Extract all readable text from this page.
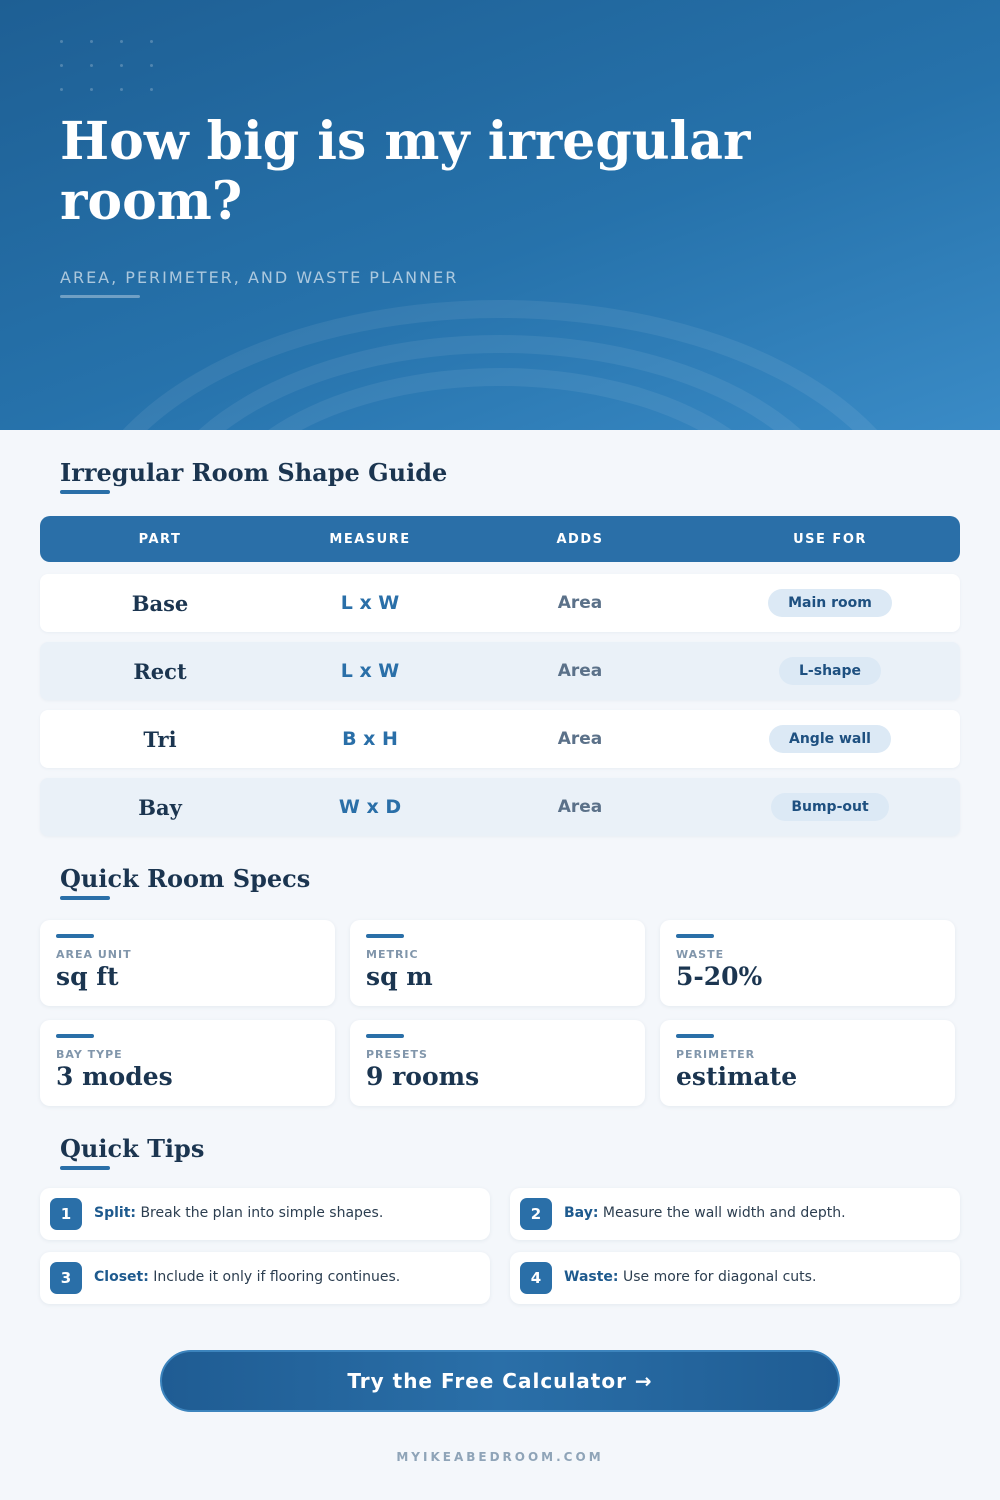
How big is my irregular room?
AREA, PERIMETER, AND WASTE PLANNER
Irregular Room Shape Guide
PART	MEASURE	ADDS	USE FOR
Base	L x W	Area	Main room
Rect	L x W	Area	L-shape
Tri	B x H	Area	Angle wall
Bay	W x D	Area	Bump-out
Quick Room Specs
AREA UNIT
sq ft
METRIC
sq m
WASTE
5-20%
BAY TYPE
3 modes
PRESETS
9 rooms
PERIMETER
estimate
Quick Tips
1	Split: Break the plan into simple shapes.	2	Bay: Measure the wall width and depth.
3	Closet: Include it only if flooring continues.	4	Waste: Use more for diagonal cuts.
Try the Free Calculator →
MYIKEABEDROOM.COM
